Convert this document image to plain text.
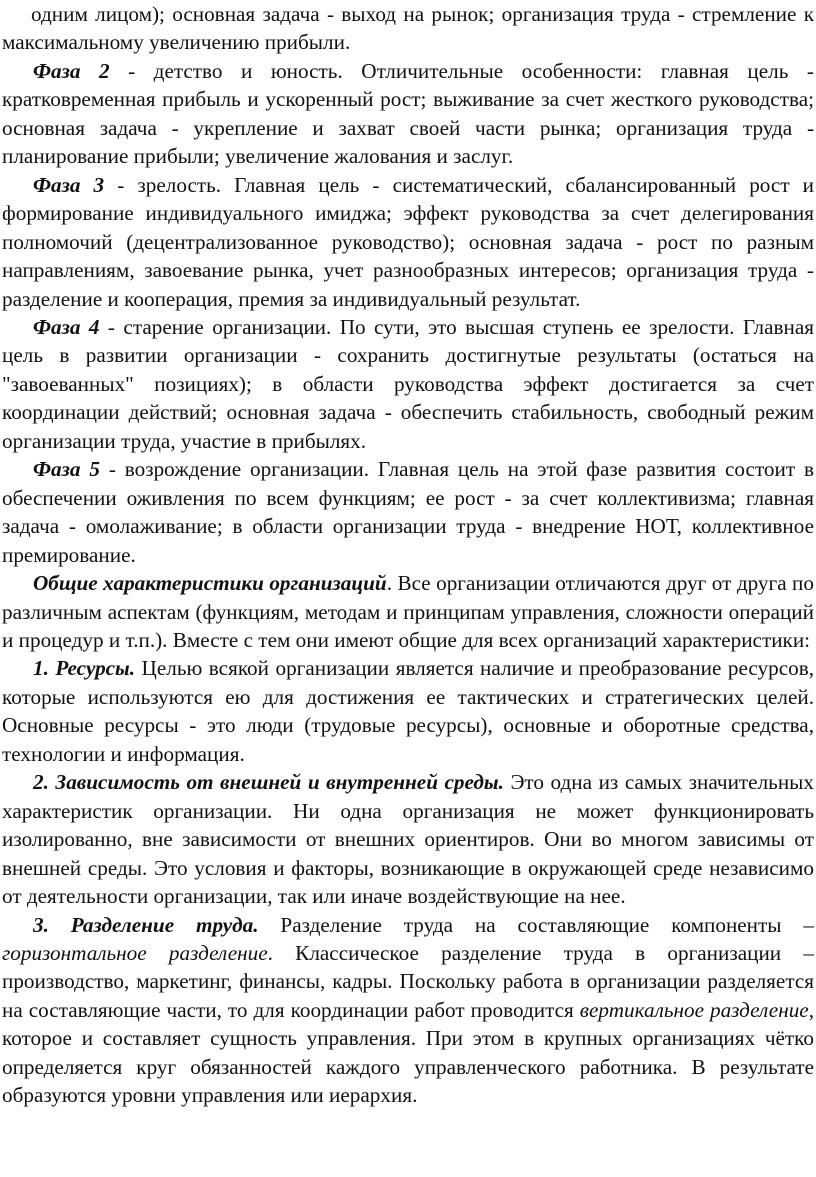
одним лицом); основная задача - выход на рынок; организация труда - стремление к максимальному увеличению прибыли.

Фаза 2 - детство и юность. Отличительные особенности: главная цель - кратковременная прибыль и ускоренный рост; выживание за счет жесткого руководства; основная задача - укрепление и захват своей части рынка; организация труда - планирование прибыли; увеличение жалования и заслуг.

Фаза 3 - зрелость. Главная цель - систематический, сбалансированный рост и формирование индивидуального имиджа; эффект руководства за счет делегирования полномочий (децентрализованное руководство); основная задача - рост по разным направлениям, завоевание рынка, учет разнообразных интересов; организация труда - разделение и кооперация, премия за индивидуальный результат.

Фаза 4 - старение организации. По сути, это высшая ступень ее зрелости. Главная цель в развитии организации - сохранить достигнутые результаты (остаться на "завоеванных" позициях); в области руководства эффект достигается за счет координации действий; основная задача - обеспечить стабильность, свободный режим организации труда, участие в прибылях.

Фаза 5 - возрождение организации. Главная цель на этой фазе развития состоит в обеспечении оживления по всем функциям; ее рост - за счет коллективизма; главная задача - омолаживание; в области организации труда - внедрение НОТ, коллективное премирование.

Общие характеристики организаций. Все организации отличаются друг от друга по различным аспектам (функциям, методам и принципам управления, сложности операций и процедур и т.п.). Вместе с тем они имеют общие для всех организаций характеристики:

1. Ресурсы. Целью всякой организации является наличие и преобразование ресурсов, которые используются ею для достижения ее тактических и стратегических целей. Основные ресурсы - это люди (трудовые ресурсы), основные и оборотные средства, технологии и информация.

2. Зависимость от внешней и внутренней среды. Это одна из самых значительных характеристик организации. Ни одна организация не может функционировать изолированно, вне зависимости от внешних ориентиров. Они во многом зависимы от внешней среды. Это условия и факторы, возникающие в окружающей среде независимо от деятельности организации, так или иначе воздействующие на нее.

3. Разделение труда. Разделение труда на составляющие компоненты – горизонтальное разделение. Классическое разделение труда в организации – производство, маркетинг, финансы, кадры. Поскольку работа в организации разделяется на составляющие части, то для координации работ проводится вертикальное разделение, которое и составляет сущность управления. При этом в крупных организациях чётко определяется круг обязанностей каждого управленческого работника. В результате образуются уровни управления или иерархия.
